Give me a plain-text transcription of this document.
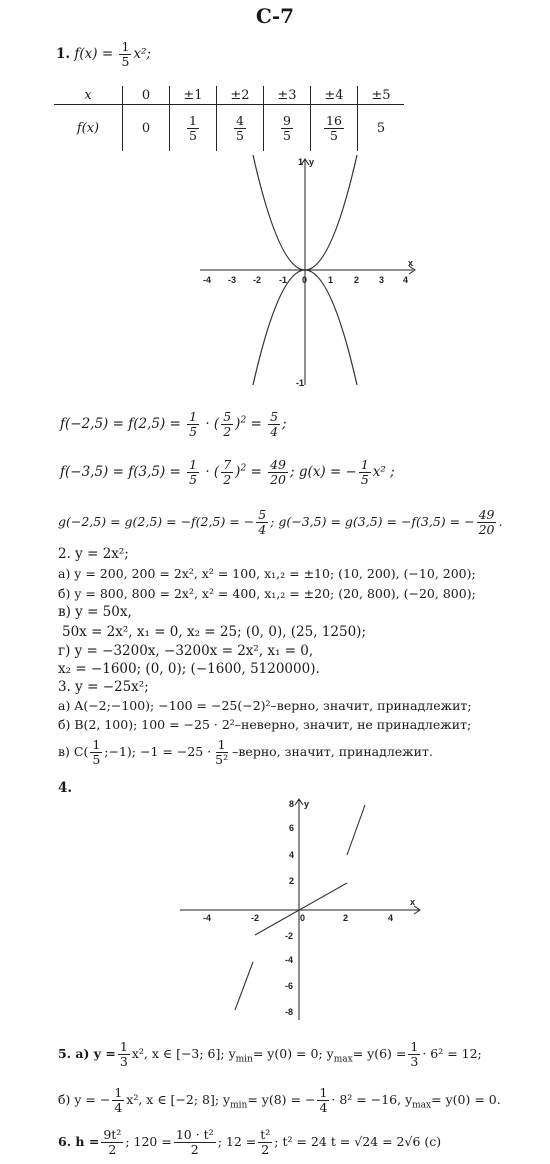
С-7
1. $f(x) = \frac{1}{5} x^2$;
x	0	±1	±2	±3	±4	±5
f(x)	0	$\frac{1}{5}$	$\frac{4}{5}$	$\frac{9}{5}$	$\frac{16}{5}$	5
x
y
1
-1
-4 -3 -2 -1 0 1 2 3 4
$f(-2,5) = f(2,5) = \frac{1}{5}$ · ( $\frac{5}{2} )^2 = \frac{5}{4}$ ;
$f(-3,5) = f(3,5) = \frac{1}{5}$ · ( $\frac{7}{2} )^2 = \frac{49}{20}$ ; g(x) = − $\frac{1}{5} x^2$ ;
g(−2,5) = g(2,5) = −f(2,5) = − $\frac{5}{4}$ ; g(−3,5) = g(3,5) = −f(3,5) = − $\frac{49}{20}$ .
2. y = 2x²;
а) y = 200, 200 = 2x², x² = 100, x₁,₂ = ±10; (10, 200), (−10, 200);
б) y = 800, 800 = 2x², x² = 400, x₁,₂ = ±20; (20, 800), (−20, 800);
в) y = 50x,
50x = 2x², x₁ = 0, x₂ = 25; (0, 0), (25, 1250);
г) y = −3200x, −3200x = 2x², x₁ = 0,
x₂ = −1600; (0, 0); (−1600, 5120000).
3. y = −25x²;
а) A(−2;−100); −100 = −25(−2)²–верно, значит, принадлежит;
б) B(2, 100); 100 = −25 · 2²–неверно, значит, не принадлежит;
в) $C( \frac{1}{5}$ ;−1); $-1 = -25 \cdot \frac{1}{\text{5²}}$ –верно, значит, принадлежит.
4.
x
y
8
6
4
2
-2
-4
-6
-8
-4	-2	0	2	4
5. а) $y = \frac{1}{3} x^2$, x ∈ [−3; 6]; $y_{min}= y(0) = 0$; $y_{max}= y(6) = \frac{1}{3} \cdot 6^2 = 12$;
б) y = − $\frac{1}{4} x^2$, x ∈ [−2; 8]; $y_{min}= y(8)$ = − $\frac{1}{4} \cdot 8^2 = -16$, $y_{max}= y(0) = 0$.
6. $h = \frac{\text{9t²}}{2}$ ; $120 = \frac{\text{10 · t²}}{2}$ ; $12 = \frac{\text{t²}}{2}$ ; t² = 24 t = √24 = 2√6 (с)
